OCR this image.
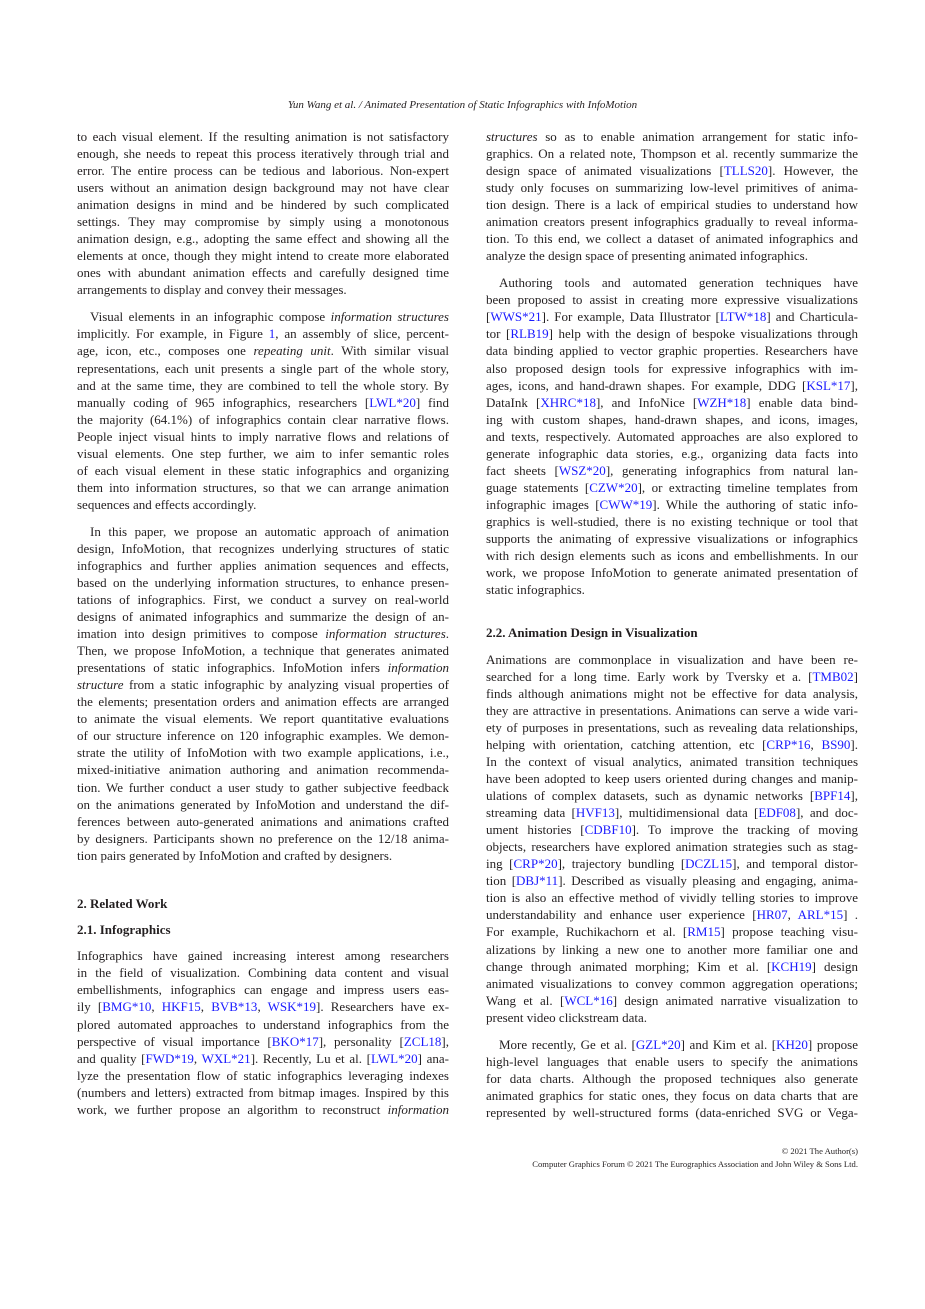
Yun Wang et al. / Animated Presentation of Static Infographics with InfoMotion
to each visual element. If the resulting animation is not satisfactory
enough, she needs to repeat this process iteratively through trial and
error. The entire process can be tedious and laborious. Non-expert
users without an animation design background may not have clear
animation designs in mind and be hindered by such complicated
settings. They may compromise by simply using a monotonous
animation design, e.g., adopting the same effect and showing all the
elements at once, though they might intend to create more elaborated
ones with abundant animation effects and carefully designed time
arrangements to display and convey their messages.
Visual elements in an infographic compose information structures
implicitly. For example, in Figure 1, an assembly of slice, percent-
age, icon, etc., composes one repeating unit. With similar visual
representations, each unit presents a single part of the whole story,
and at the same time, they are combined to tell the whole story. By
manually coding of 965 infographics, researchers [LWL*20] find
the majority (64.1%) of infographics contain clear narrative flows.
People inject visual hints to imply narrative flows and relations of
visual elements. One step further, we aim to infer semantic roles
of each visual element in these static infographics and organizing
them into information structures, so that we can arrange animation
sequences and effects accordingly.
In this paper, we propose an automatic approach of animation
design, InfoMotion, that recognizes underlying structures of static
infographics and further applies animation sequences and effects,
based on the underlying information structures, to enhance presen-
tations of infographics. First, we conduct a survey on real-world
designs of animated infographics and summarize the design of an-
imation into design primitives to compose information structures.
Then, we propose InfoMotion, a technique that generates animated
presentations of static infographics. InfoMotion infers information
structure from a static infographic by analyzing visual properties of
the elements; presentation orders and animation effects are arranged
to animate the visual elements. We report quantitative evaluations
of our structure inference on 120 infographic examples. We demon-
strate the utility of InfoMotion with two example applications, i.e.,
mixed-initiative animation authoring and animation recommenda-
tion. We further conduct a user study to gather subjective feedback
on the animations generated by InfoMotion and understand the dif-
ferences between auto-generated animations and animations crafted
by designers. Participants shown no preference on the 12/18 anima-
tion pairs generated by InfoMotion and crafted by designers.
2. Related Work
2.1. Infographics
Infographics have gained increasing interest among researchers
in the field of visualization. Combining data content and visual
embellishments, infographics can engage and impress users eas-
ily [BMG*10, HKF15, BVB*13, WSK*19]. Researchers have ex-
plored automated approaches to understand infographics from the
perspective of visual importance [BKO*17], personality [ZCL18],
and quality [FWD*19, WXL*21]. Recently, Lu et al. [LWL*20] ana-
lyze the presentation flow of static infographics leveraging indexes
(numbers and letters) extracted from bitmap images. Inspired by this
work, we further propose an algorithm to reconstruct information
structures so as to enable animation arrangement for static info-
graphics. On a related note, Thompson et al. recently summarize the
design space of animated visualizations [TLLS20]. However, the
study only focuses on summarizing low-level primitives of anima-
tion design. There is a lack of empirical studies to understand how
animation creators present infographics gradually to reveal informa-
tion. To this end, we collect a dataset of animated infographics and
analyze the design space of presenting animated infographics.
Authoring tools and automated generation techniques have
been proposed to assist in creating more expressive visualizations
[WWS*21]. For example, Data Illustrator [LTW*18] and Charticula-
tor [RLB19] help with the design of bespoke visualizations through
data binding applied to vector graphic properties. Researchers have
also proposed design tools for expressive infographics with im-
ages, icons, and hand-drawn shapes. For example, DDG [KSL*17],
DataInk [XHRC*18], and InfoNice [WZH*18] enable data bind-
ing with custom shapes, hand-drawn shapes, and icons, images,
and texts, respectively. Automated approaches are also explored to
generate infographic data stories, e.g., organizing data facts into
fact sheets [WSZ*20], generating infographics from natural lan-
guage statements [CZW*20], or extracting timeline templates from
infographic images [CWW*19]. While the authoring of static info-
graphics is well-studied, there is no existing technique or tool that
supports the animating of expressive visualizations or infographics
with rich design elements such as icons and embellishments. In our
work, we propose InfoMotion to generate animated presentation of
static infographics.
2.2. Animation Design in Visualization
Animations are commonplace in visualization and have been re-
searched for a long time. Early work by Tversky et a. [TMB02]
finds although animations might not be effective for data analysis,
they are attractive in presentations. Animations can serve a wide vari-
ety of purposes in presentations, such as revealing data relationships,
helping with orientation, catching attention, etc [CRP*16, BS90].
In the context of visual analytics, animated transition techniques
have been adopted to keep users oriented during changes and manip-
ulations of complex datasets, such as dynamic networks [BPF14],
streaming data [HVF13], multidimensional data [EDF08], and doc-
ument histories [CDBF10]. To improve the tracking of moving
objects, researchers have explored animation strategies such as stag-
ing [CRP*20], trajectory bundling [DCZL15], and temporal distor-
tion [DBJ*11]. Described as visually pleasing and engaging, anima-
tion is also an effective method of vividly telling stories to improve
understandability and enhance user experience [HR07, ARL*15] .
For example, Ruchikachorn et al. [RM15] propose teaching visu-
alizations by linking a new one to another more familiar one and
change through animated morphing; Kim et al. [KCH19] design
animated visualizations to convey common aggregation operations;
Wang et al. [WCL*16] design animated narrative visualization to
present video clickstream data.
More recently, Ge et al. [GZL*20] and Kim et al. [KH20] propose
high-level languages that enable users to specify the animations
for data charts. Although the proposed techniques also generate
animated graphics for static ones, they focus on data charts that are
represented by well-structured forms (data-enriched SVG or Vega-
© 2021 The Author(s)
Computer Graphics Forum © 2021 The Eurographics Association and John Wiley & Sons Ltd.
